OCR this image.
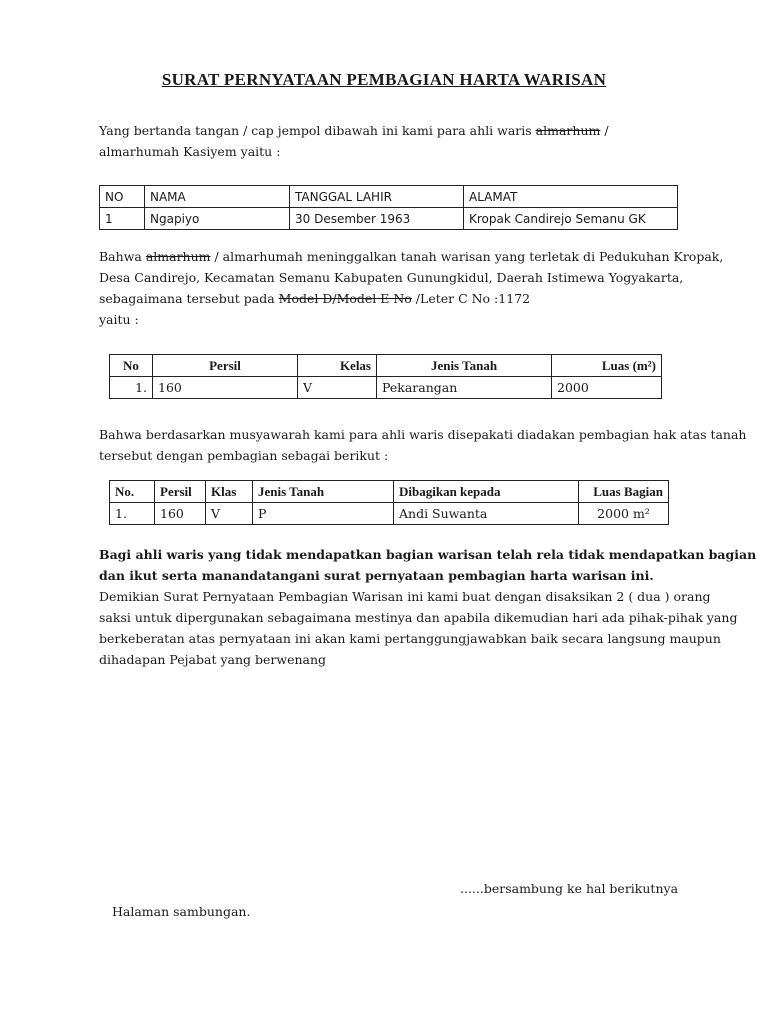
SURAT PERNYATAAN PEMBAGIAN HARTA WARISAN

Yang bertanda tangan / cap jempol dibawah ini kami para ahli waris almarhum /

almarhumah Kasiyem yaitu :

NO	NAMA	TANGGAL LAHIR	ALAMAT
1	Ngapiyo	30 Desember 1963	Kropak Candirejo Semanu GK

Bahwa almarhum / almarhumah meninggalkan tanah warisan yang terletak di Pedukuhan Kropak,

Desa Candirejo, Kecamatan Semanu Kabupaten Gunungkidul, Daerah Istimewa Yogyakarta,

sebagaimana tersebut pada Model D/Model E No /Leter C No :1172

yaitu :

No	Persil	Kelas	Jenis Tanah	Luas (m²)
1.	160	V	Pekarangan	2000

Bahwa berdasarkan musyawarah kami para ahli waris disepakati diadakan pembagian hak atas tanah

tersebut dengan pembagian sebagai berikut :

No.	Persil	Klas	Jenis Tanah	Dibagikan kepada	Luas Bagian
1.	160	V	P	Andi Suwanta	2000 m²

Bagi ahli waris yang tidak mendapatkan bagian warisan telah rela tidak mendapatkan bagian

dan ikut serta manandatangani surat pernyataan pembagian harta warisan ini.

Demikian Surat Pernyataan Pembagian Warisan ini kami buat dengan disaksikan 2 ( dua ) orang

saksi untuk dipergunakan sebagaimana mestinya dan apabila dikemudian hari ada pihak-pihak yang

berkeberatan atas pernyataan ini akan kami pertanggungjawabkan baik secara langsung maupun

dihadapan Pejabat yang berwenang

......bersambung ke hal berikutnya
Halaman sambungan.
